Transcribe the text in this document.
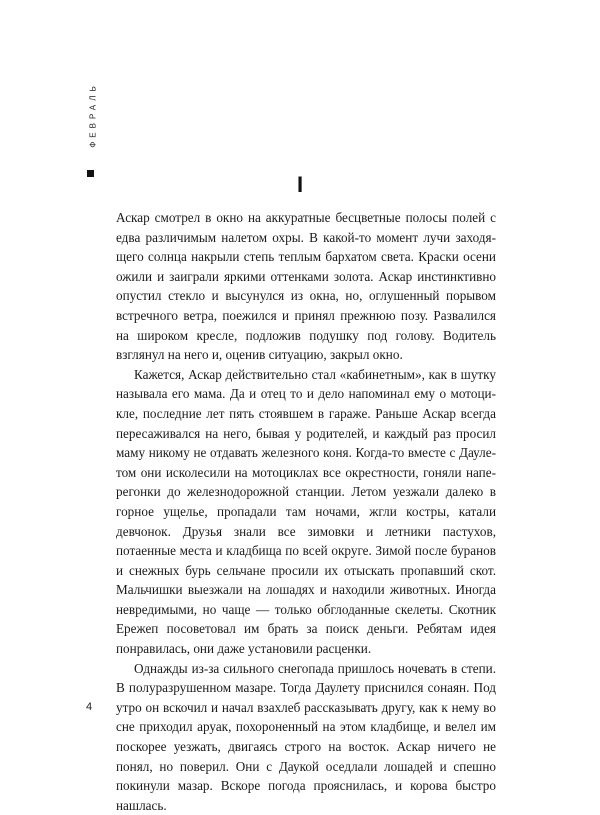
ФЕВРАЛЬ
I

Аскар смотрел в окно на аккуратные бесцветные полосы полей с едва различимым налетом охры. В какой-то момент лучи заходящего солнца накрыли степь теплым бархатом света. Краски осени ожили и заиграли яркими оттенками золота. Аскар инстинктивно опустил стекло и высунулся из окна, но, оглушенный порывом встречного ветра, поежился и принял прежнюю позу. Развалился на широком кресле, подложив подушку под голову. Водитель взглянул на него и, оценив ситуацию, закрыл окно.

Кажется, Аскар действительно стал «кабинетным», как в шутку называла его мама. Да и отец то и дело напоминал ему о мотоцикле, последние лет пять стоявшем в гараже. Раньше Аскар всегда пересаживался на него, бывая у родителей, и каждый раз просил маму никому не отдавать железного коня. Когда-то вместе с Даулетом они исколесили на мотоциклах все окрестности, гоняли наперегонки до железнодорожной станции. Летом уезжали далеко в горное ущелье, пропадали там ночами, жгли костры, катали девчонок. Друзья знали все зимовки и летники пастухов, потаенные места и кладбища по всей округе. Зимой после буранов и снежных бурь сельчане просили их отыскать пропавший скот. Мальчишки выезжали на лошадях и находили животных. Иногда невредимыми, но чаще — только обглоданные скелеты. Скотник Ережеп посоветовал им брать за поиск деньги. Ребятам идея понравилась, они даже установили расценки.

Однажды из-за сильного снегопада пришлось ночевать в степи. В полуразрушенном мазаре. Тогда Даулету приснился сонаян. Под утро он вскочил и начал взахлеб рассказывать другу, как к нему во сне приходил аруак, похороненный на этом кладбище, и велел им поскорее уезжать, двигаясь строго на восток. Аскар ничего не понял, но поверил. Они с Даукой оседлали лошадей и спешно покинули мазар. Вскоре погода прояснилась, и корова быстро нашлась.

4
